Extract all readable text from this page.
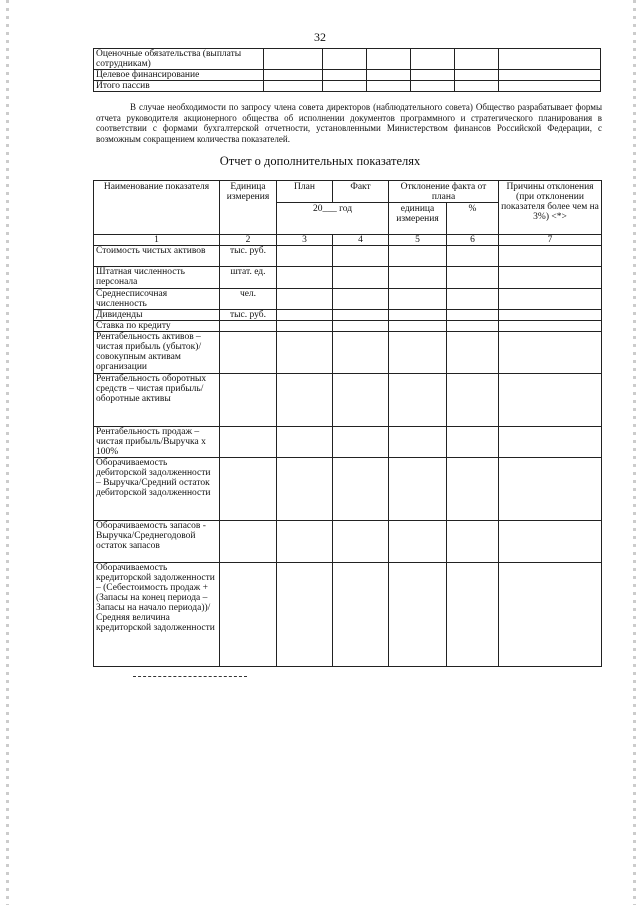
32
Оценочные обязательства (выплаты сотрудникам)						
Целевое финансирование						
Итого пассив						

В случае необходимости по запросу члена совета директоров (наблюдательного совета) Общество разрабатывает формы отчета руководителя акционерного общества об исполнении документов программного и стратегического планирования в соответствии с формами бухгалтерской отчетности, установленными Министерством финансов Российской Федерации, с возможным сокращением количества показателей.

Отчет о дополнительных показателях
Наименование показателя	Единица измерения	План	Факт	Отклонение факта от плана		Причины отклонения (при отклонении показателя более чем на 3%) <*>
		20___ год		единица измерения	%	
1	2	3	4	5	6	7
Стоимость чистых активов	тыс. руб.					
Штатная численность персонала	штат. ед.					
Среднесписочная численность	чел.					
Дивиденды	тыс. руб.					
Ставка по кредиту						
Рентабельность активов – чистая прибыль (убыток)/совокупным активам организации						
Рентабельность оборотных средств – чистая прибыль/оборотные активы						
Рентабельность продаж – чистая прибыль/Выручка х 100%						
Оборачиваемость дебиторской задолженности – Выручка/Средний остаток дебиторской задолженности						
Оборачиваемость запасов - Выручка/Среднегодовой остаток запасов						
Оборачиваемость кредиторской задолженности – (Себестоимость продаж + (Запасы на конец периода – Запасы на начало периода))/Средняя величина кредиторской задолженности						
